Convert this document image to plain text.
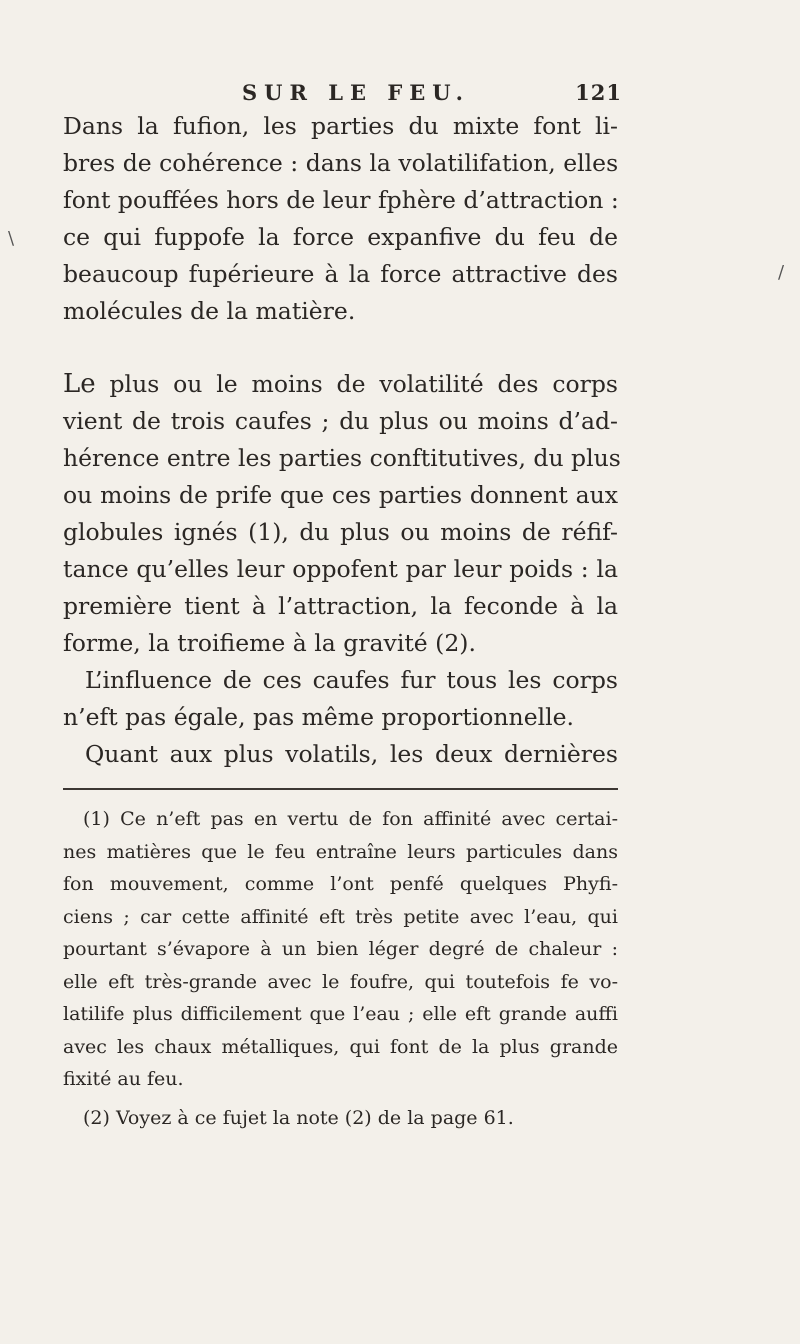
SUR LE FEU.	121
Dans la fufion, les parties du mixte font li-
bres de cohérence : dans la volatilifation, elles
font pouffées hors de leur fphère d’attraction :
ce qui fuppofe la force expanfive du feu de
beaucoup fupérieure à la force attractive des
molécules de la matière.
Le plus ou le moins de volatilité des corps
vient de trois caufes ; du plus ou moins d’ad-
hérence entre les parties conftitutives, du plus
ou moins de prife que ces parties donnent aux
globules ignés (1), du plus ou moins de réfif-
tance qu’elles leur oppofent par leur poids : la
première tient à l’attraction, la feconde à la
forme, la troifieme à la gravité (2).
L’influence de ces caufes fur tous les corps
n’eft pas égale, pas même proportionnelle.
Quant aux plus volatils, les deux dernières
(1) Ce n’eft pas en vertu de fon affinité avec certai-
nes matières que le feu entraîne leurs particules dans
fon mouvement, comme l’ont penfé quelques Phyfi-
ciens ; car cette affinité eft très petite avec l’eau, qui
pourtant s’évapore à un bien léger degré de chaleur :
elle eft très-grande avec le foufre, qui toutefois fe vo-
latilife plus difficilement que l’eau ; elle eft grande auffi
avec les chaux métalliques, qui font de la plus grande
fixité au feu.
(2) Voyez à ce fujet la note (2) de la page 61.
\
/
